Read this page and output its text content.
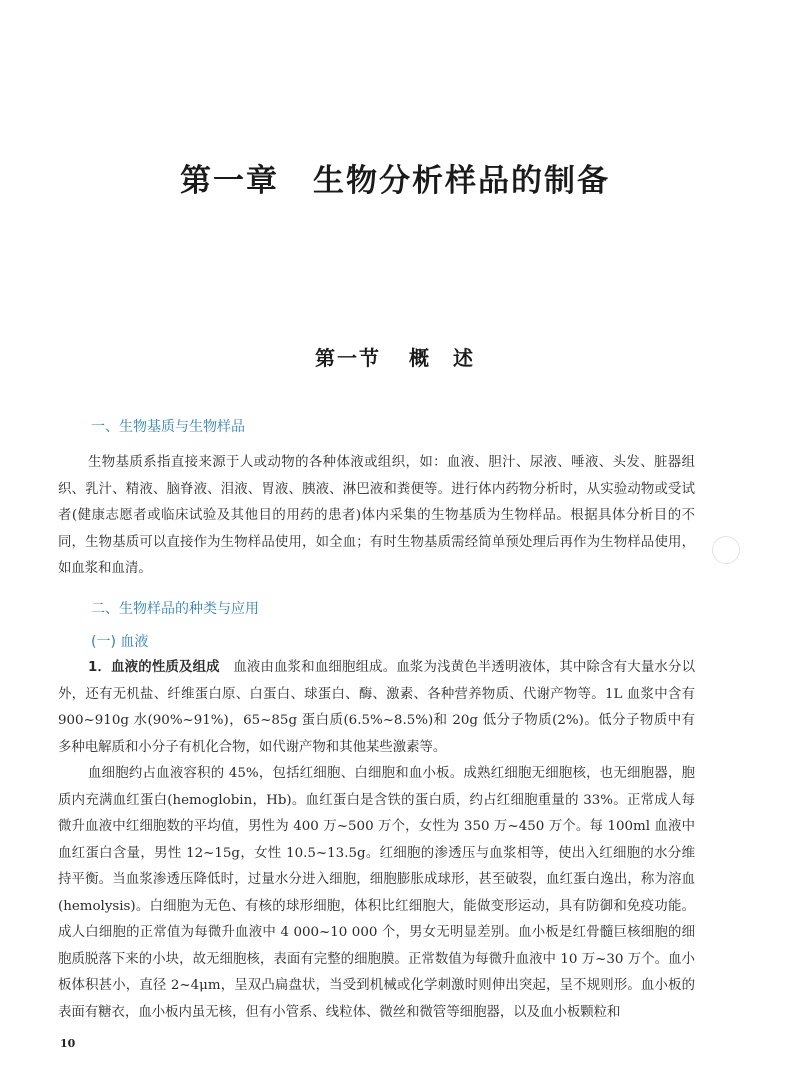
第一章 生物分析样品的制备
第一节 概　述
一、生物基质与生物样品

生物基质系指直接来源于人或动物的各种体液或组织，如：血液、胆汁、尿液、唾液、头发、脏器组织、乳汁、精液、脑脊液、泪液、胃液、胰液、淋巴液和粪便等。进行体内药物分析时，从实验动物或受试者(健康志愿者或临床试验及其他目的用药的患者)体内采集的生物基质为生物样品。根据具体分析目的不同，生物基质可以直接作为生物样品使用，如全血；有时生物基质需经简单预处理后再作为生物样品使用，如血浆和血清。

二、生物样品的种类与应用
(一) 血液

1．血液的性质及组成　血液由血浆和血细胞组成。血浆为浅黄色半透明液体，其中除含有大量水分以外，还有无机盐、纤维蛋白原、白蛋白、球蛋白、酶、激素、各种营养物质、代谢产物等。1L 血浆中含有 900~910g 水(90%~91%)，65~85g 蛋白质(6.5%~8.5%)和 20g 低分子物质(2%)。低分子物质中有多种电解质和小分子有机化合物，如代谢产物和其他某些激素等。

血细胞约占血液容积的 45%，包括红细胞、白细胞和血小板。成熟红细胞无细胞核，也无细胞器，胞质内充满血红蛋白(hemoglobin，Hb)。血红蛋白是含铁的蛋白质，约占红细胞重量的 33%。正常成人每微升血液中红细胞数的平均值，男性为 400 万~500 万个，女性为 350 万~450 万个。每 100ml 血液中血红蛋白含量，男性 12~15g，女性 10.5~13.5g。红细胞的渗透压与血浆相等，使出入红细胞的水分维持平衡。当血浆渗透压降低时，过量水分进入细胞，细胞膨胀成球形，甚至破裂，血红蛋白逸出，称为溶血(hemolysis)。白细胞为无色、有核的球形细胞，体积比红细胞大，能做变形运动，具有防御和免疫功能。成人白细胞的正常值为每微升血液中 4 000~10 000 个，男女无明显差别。血小板是红骨髓巨核细胞的细胞质脱落下来的小块，故无细胞核，表面有完整的细胞膜。正常数值为每微升血液中 10 万~30 万个。血小板体积甚小，直径 2~4μm，呈双凸扁盘状，当受到机械或化学刺激时则伸出突起，呈不规则形。血小板的表面有糖衣，血小板内虽无核，但有小管系、线粒体、微丝和微管等细胞器，以及血小板颗粒和

10
